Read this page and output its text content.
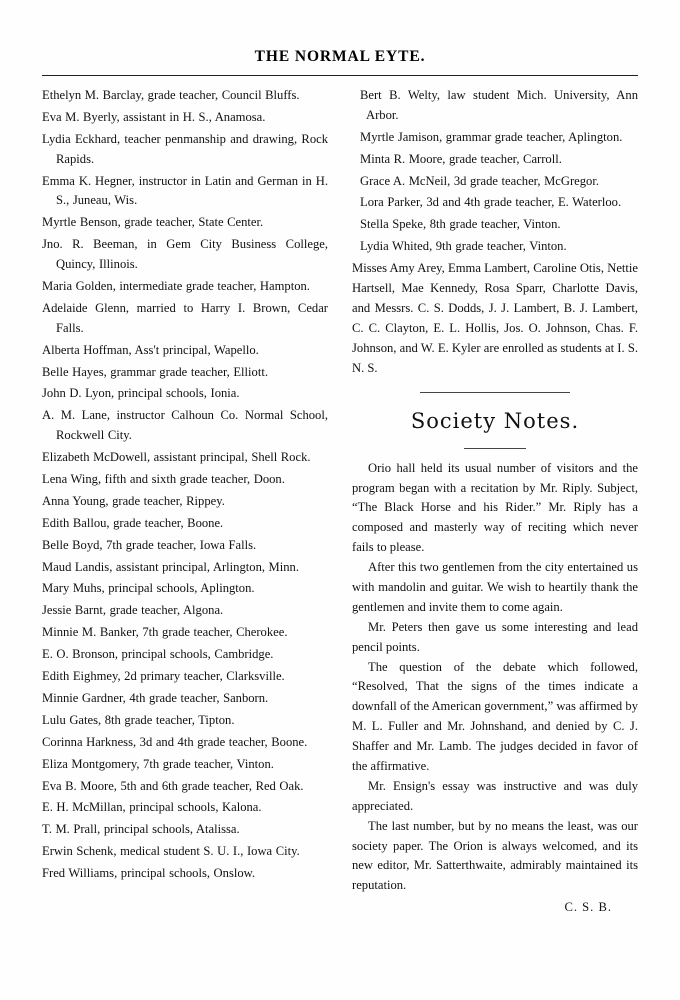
THE NORMAL EYTE.

Ethelyn M. Barclay, grade teacher, Council Bluffs.

Eva M. Byerly, assistant in H. S., Anamosa.

Lydia Eckhard, teacher penmanship and drawing, Rock Rapids.

Emma K. Hegner, instructor in Latin and German in H. S., Juneau, Wis.

Myrtle Benson, grade teacher, State Center.

Jno. R. Beeman, in Gem City Business College, Quincy, Illinois.

Maria Golden, intermediate grade teacher, Hampton.

Adelaide Glenn, married to Harry I. Brown, Cedar Falls.

Alberta Hoffman, Ass't principal, Wapello.

Belle Hayes, grammar grade teacher, Elliott.

John D. Lyon, principal schools, Ionia.

A. M. Lane, instructor Calhoun Co. Normal School, Rockwell City.

Elizabeth McDowell, assistant principal, Shell Rock.

Lena Wing, fifth and sixth grade teacher, Doon.

Anna Young, grade teacher, Rippey.

Edith Ballou, grade teacher, Boone.

Belle Boyd, 7th grade teacher, Iowa Falls.

Maud Landis, assistant principal, Arlington, Minn.

Mary Muhs, principal schools, Aplington.

Jessie Barnt, grade teacher, Algona.

Minnie M. Banker, 7th grade teacher, Cherokee.

E. O. Bronson, principal schools, Cambridge.

Edith Eighmey, 2d primary teacher, Clarksville.

Minnie Gardner, 4th grade teacher, Sanborn.

Lulu Gates, 8th grade teacher, Tipton.

Corinna Harkness, 3d and 4th grade teacher, Boone.

Eliza Montgomery, 7th grade teacher, Vinton.

Eva B. Moore, 5th and 6th grade teacher, Red Oak.

E. H. McMillan, principal schools, Kalona.

T. M. Prall, principal schools, Atalissa.

Erwin Schenk, medical student S. U. I., Iowa City.

Fred Williams, principal schools, Onslow.

Bert B. Welty, law student Mich. University, Ann Arbor.

Myrtle Jamison, grammar grade teacher, Aplington.

Minta R. Moore, grade teacher, Carroll.

Grace A. McNeil, 3d grade teacher, McGregor.

Lora Parker, 3d and 4th grade teacher, E. Waterloo.

Stella Speke, 8th grade teacher, Vinton.

Lydia Whited, 9th grade teacher, Vinton.

Misses Amy Arey, Emma Lambert, Caroline Otis, Nettie Hartsell, Mae Kennedy, Rosa Sparr, Charlotte Davis, and Messrs. C. S. Dodds, J. J. Lambert, B. J. Lambert, C. C. Clayton, E. L. Hollis, Jos. O. Johnson, Chas. F. Johnson, and W. E. Kyler are enrolled as students at I. S. N. S.

Society Notes.

Orio hall held its usual number of visitors and the program began with a recitation by Mr. Riply. Subject, “The Black Horse and his Rider.” Mr. Riply has a composed and masterly way of reciting which never fails to please.

After this two gentlemen from the city entertained us with mandolin and guitar. We wish to heartily thank the gentlemen and invite them to come again.

Mr. Peters then gave us some interesting and lead pencil points.

The question of the debate which followed, “Resolved, That the signs of the times indicate a downfall of the American government,” was affirmed by M. L. Fuller and Mr. Johnshand, and denied by C. J. Shaffer and Mr. Lamb. The judges decided in favor of the affirmative.

Mr. Ensign's essay was instructive and was duly appreciated.

The last number, but by no means the least, was our society paper. The Orion is always welcomed, and its new editor, Mr. Satterthwaite, admirably maintained its reputation.

C. S. B.
